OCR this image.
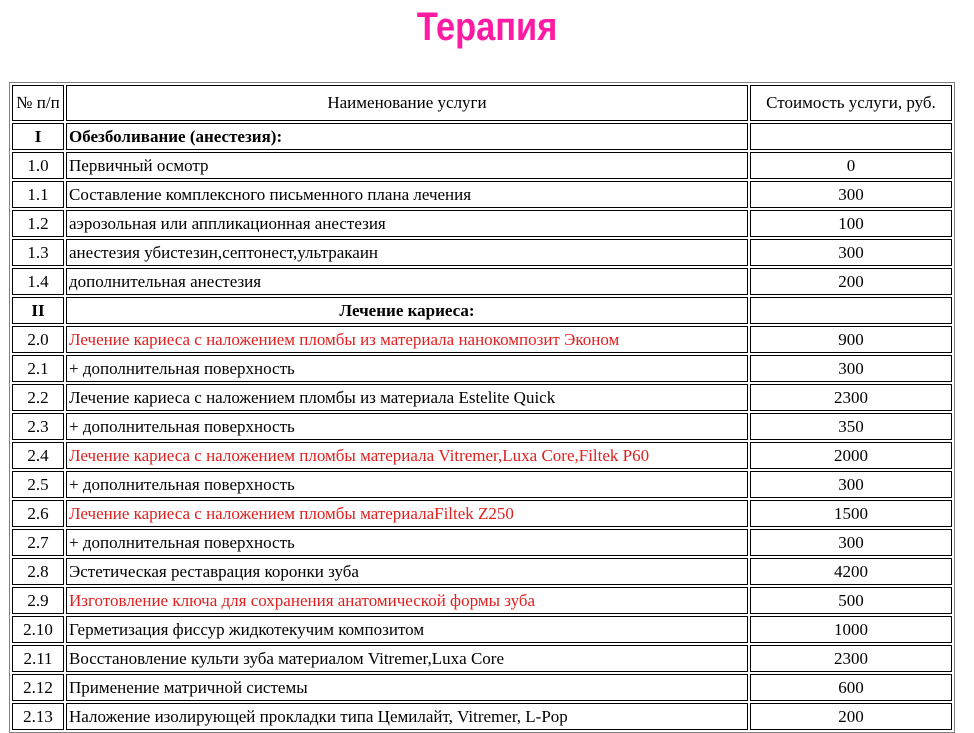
Терапия
№ п/п	Наименование услуги	Стоимость услуги, руб.
I	Обезболивание (анестезия):	
1.0	Первичный осмотр	0
1.1	Составление комплексного письменного плана лечения	300
1.2	аэрозольная или аппликационная анестезия	100
1.3	анестезия убистезин,септонест,ультракаин	300
1.4	дополнительная анестезия	200
II	Лечение кариеса:	
2.0	Лечение кариеса с наложением пломбы из материала нанокомпозит Эконом	900
2.1	+ дополнительная поверхность	300
2.2	Лечение кариеса с наложением пломбы из материала Estelite Quick	2300
2.3	+ дополнительная поверхность	350
2.4	Лечение кариеса с наложением пломбы материала Vitremer,Luxa Core,Filtek P60	2000
2.5	+ дополнительная поверхность	300
2.6	Лечение кариеса с наложением пломбы материалаFiltek Z250	1500
2.7	+ дополнительная поверхность	300
2.8	Эстетическая реставрация коронки зуба	4200
2.9	Изготовление ключа для сохранения анатомической формы зуба	500
2.10	Герметизация фиссур жидкотекучим композитом	1000
2.11	Восстановление культи зуба материалом Vitremer,Luxa Core	2300
2.12	Применение матричной системы	600
2.13	Наложение изолирующей прокладки типа Цемилайт, Vitremer, L-Pop	200
